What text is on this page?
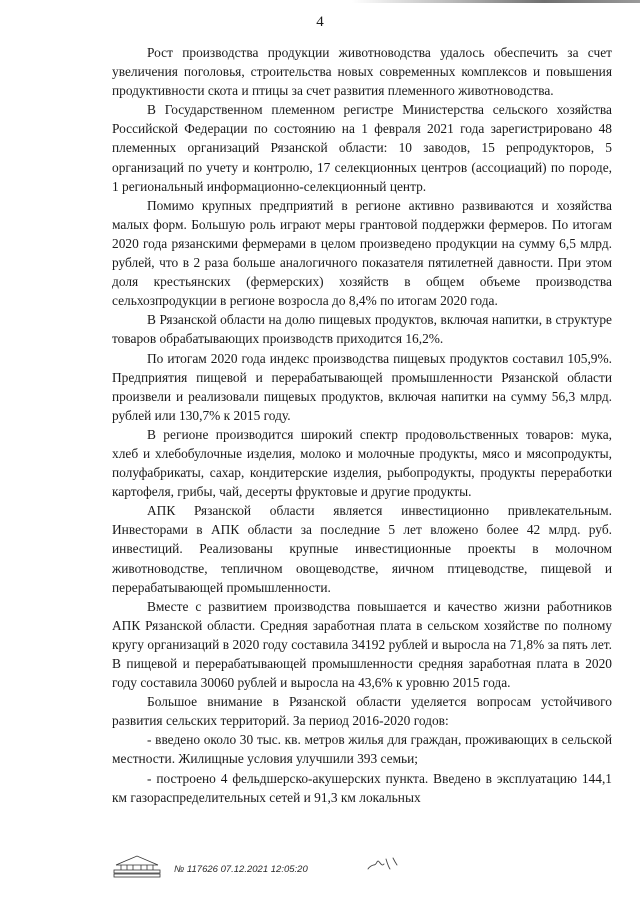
4

Рост производства продукции животноводства удалось обеспечить за счет увеличения поголовья, строительства новых современных комплексов и повышения продуктивности скота и птицы за счет развития племенного животноводства.

В Государственном племенном регистре Министерства сельского хозяйства Российской Федерации по состоянию на 1 февраля 2021 года зарегистрировано 48 племенных организаций Рязанской области: 10 заводов, 15 репродукторов, 5 организаций по учету и контролю, 17 селекционных центров (ассоциаций) по породе, 1 региональный информационно-селекционный центр.

Помимо крупных предприятий в регионе активно развиваются и хозяйства малых форм. Большую роль играют меры грантовой поддержки фермеров. По итогам 2020 года рязанскими фермерами в целом произведено продукции на сумму 6,5 млрд. рублей, что в 2 раза больше аналогичного показателя пятилетней давности. При этом доля крестьянских (фермерских) хозяйств в общем объеме производства сельхозпродукции в регионе возросла до 8,4% по итогам 2020 года.

В Рязанской области на долю пищевых продуктов, включая напитки, в структуре товаров обрабатывающих производств приходится 16,2%.

По итогам 2020 года индекс производства пищевых продуктов составил 105,9%. Предприятия пищевой и перерабатывающей промышленности Рязанской области произвели и реализовали пищевых продуктов, включая напитки на сумму 56,3 млрд. рублей или 130,7% к 2015 году.

В регионе производится широкий спектр продовольственных товаров: мука, хлеб и хлебобулочные изделия, молоко и молочные продукты, мясо и мясопродукты, полуфабрикаты, сахар, кондитерские изделия, рыбопродукты, продукты переработки картофеля, грибы, чай, десерты фруктовые и другие продукты.

АПК Рязанской области является инвестиционно привлекательным. Инвесторами в АПК области за последние 5 лет вложено более 42 млрд. руб. инвестиций. Реализованы крупные инвестиционные проекты в молочном животноводстве, тепличном овощеводстве, яичном птицеводстве, пищевой и перерабатывающей промышленности.

Вместе с развитием производства повышается и качество жизни работников АПК Рязанской области. Средняя заработная плата в сельском хозяйстве по полному кругу организаций в 2020 году составила 34192 рублей и выросла на 71,8% за пять лет. В пищевой и перерабатывающей промышленности средняя заработная плата в 2020 году составила 30060 рублей и выросла на 43,6% к уровню 2015 года.

Большое внимание в Рязанской области уделяется вопросам устойчивого развития сельских территорий. За период 2016-2020 годов:

- введено около 30 тыс. кв. метров жилья для граждан, проживающих в сельской местности. Жилищные условия улучшили 393 семьи;

- построено 4 фельдшерско-акушерских пункта. Введено в эксплуатацию 144,1 км газораспределительных сетей и 91,3 км локальных

№ 117626 07.12.2021 12:05:20
